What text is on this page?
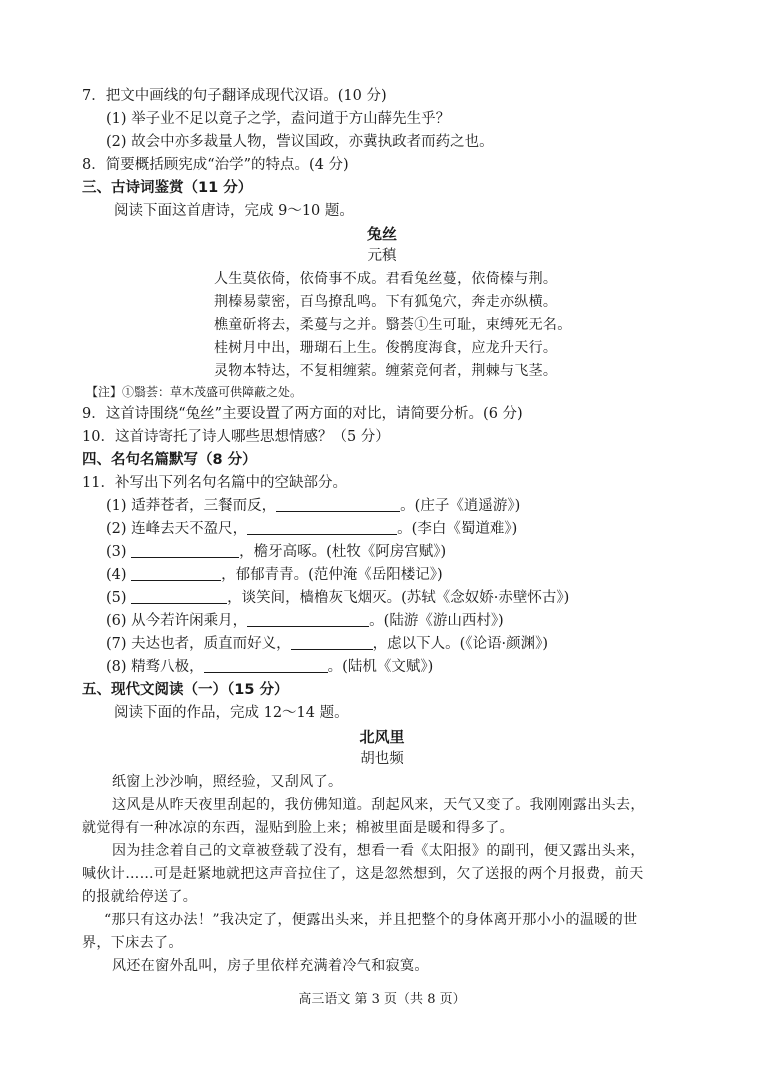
7．把文中画线的句子翻译成现代汉语。(10 分)
(1) 举子业不足以竟子之学，盍问道于方山薛先生乎？
(2) 故会中亦多裁量人物，訾议国政，亦冀执政者而药之也。
8．简要概括顾宪成“治学”的特点。(4 分)
三、古诗词鉴赏（11 分）
阅读下面这首唐诗，完成 9～10 题。
兔丝
元稹
人生莫依倚，依倚事不成。君看兔丝蔓，依倚榛与荆。
荆榛易蒙密，百鸟撩乱鸣。下有狐兔穴，奔走亦纵横。
樵童斫将去，柔蔓与之并。翳荟①生可耻，束缚死无名。
桂树月中出，珊瑚石上生。俊鹘度海食，应龙升天行。
灵物本特达，不复相缠萦。缠萦竞何者，荆棘与飞茎。
【注】①翳荟：草木茂盛可供障蔽之处。
9．这首诗围绕“兔丝”主要设置了两方面的对比，请简要分析。(6 分)
10．这首诗寄托了诗人哪些思想情感？（5 分）
四、名句名篇默写（8 分）
11．补写出下列名句名篇中的空缺部分。
(1) 适莽苍者，三餐而反，	。(庄子《逍遥游》)
(2) 连峰去天不盈尺，	。(李白《蜀道难》)
(3)	，檐牙高啄。(杜牧《阿房宫赋》)
(4)	，郁郁青青。(范仲淹《岳阳楼记》)
(5)	，谈笑间，樯橹灰飞烟灭。(苏轼《念奴娇·赤壁怀古》)
(6) 从今若许闲乘月，	。(陆游《游山西村》)
(7) 夫达也者，质直而好义，	，虑以下人。(《论语·颜渊》)
(8) 精骛八极，	。(陆机《文赋》)
五、现代文阅读（一）（15 分）
阅读下面的作品，完成 12～14 题。
北风里
胡也频
纸窗上沙沙响，照经验，又刮风了。
这风是从昨天夜里刮起的，我仿佛知道。刮起风来，天气又变了。我刚刚露出头去，
就觉得有一种冰凉的东西，湿贴到脸上来；棉被里面是暖和得多了。
因为挂念着自己的文章被登载了没有，想看一看《太阳报》的副刊，便又露出头来，
喊伙计……可是赶紧地就把这声音拉住了，这是忽然想到，欠了送报的两个月报费，前天
的报就给停送了。
“那只有这办法！”我决定了，便露出头来，并且把整个的身体离开那小小的温暖的世
界，下床去了。
风还在窗外乱叫，房子里依样充满着冷气和寂寞。
高三语文 第 3 页（共 8 页）
